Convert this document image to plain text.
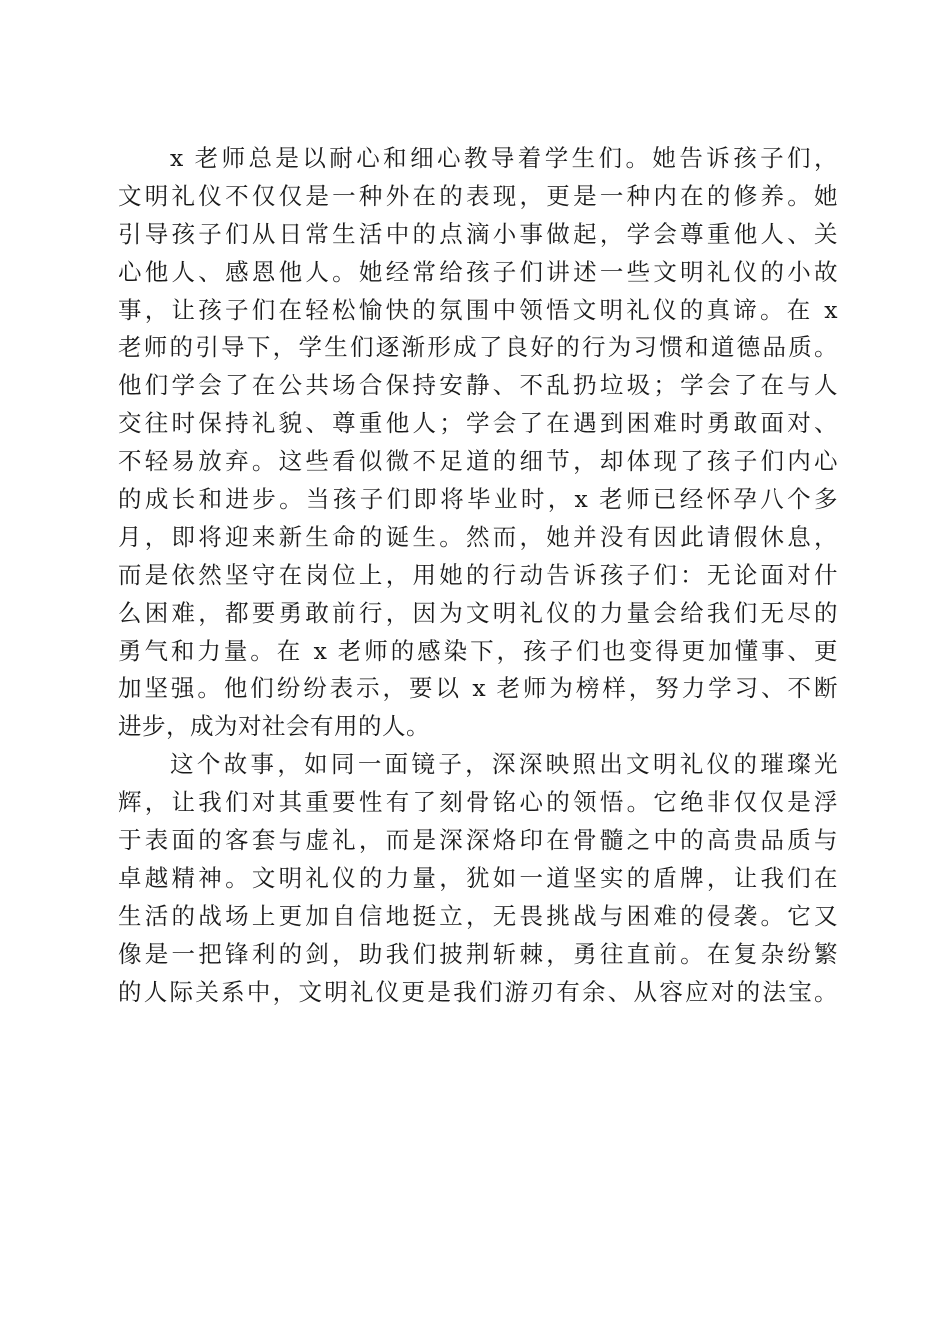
x 老师总是以耐心和细心教导着学生们。她告诉孩子们，
文明礼仪不仅仅是一种外在的表现，更是一种内在的修养。她
引导孩子们从日常生活中的点滴小事做起，学会尊重他人、关
心他人、感恩他人。她经常给孩子们讲述一些文明礼仪的小故
事，让孩子们在轻松愉快的氛围中领悟文明礼仪的真谛。在 x
老师的引导下，学生们逐渐形成了良好的行为习惯和道德品质。
他们学会了在公共场合保持安静、不乱扔垃圾；学会了在与人
交往时保持礼貌、尊重他人；学会了在遇到困难时勇敢面对、
不轻易放弃。这些看似微不足道的细节，却体现了孩子们内心
的成长和进步。当孩子们即将毕业时，x 老师已经怀孕八个多
月，即将迎来新生命的诞生。然而，她并没有因此请假休息，
而是依然坚守在岗位上，用她的行动告诉孩子们：无论面对什
么困难，都要勇敢前行，因为文明礼仪的力量会给我们无尽的
勇气和力量。在 x 老师的感染下，孩子们也变得更加懂事、更
加坚强。他们纷纷表示，要以 x 老师为榜样，努力学习、不断
进步，成为对社会有用的人。
这个故事，如同一面镜子，深深映照出文明礼仪的璀璨光
辉，让我们对其重要性有了刻骨铭心的领悟。它绝非仅仅是浮
于表面的客套与虚礼，而是深深烙印在骨髓之中的高贵品质与
卓越精神。文明礼仪的力量，犹如一道坚实的盾牌，让我们在
生活的战场上更加自信地挺立，无畏挑战与困难的侵袭。它又
像是一把锋利的剑，助我们披荆斩棘，勇往直前。在复杂纷繁
的人际关系中，文明礼仪更是我们游刃有余、从容应对的法宝。
